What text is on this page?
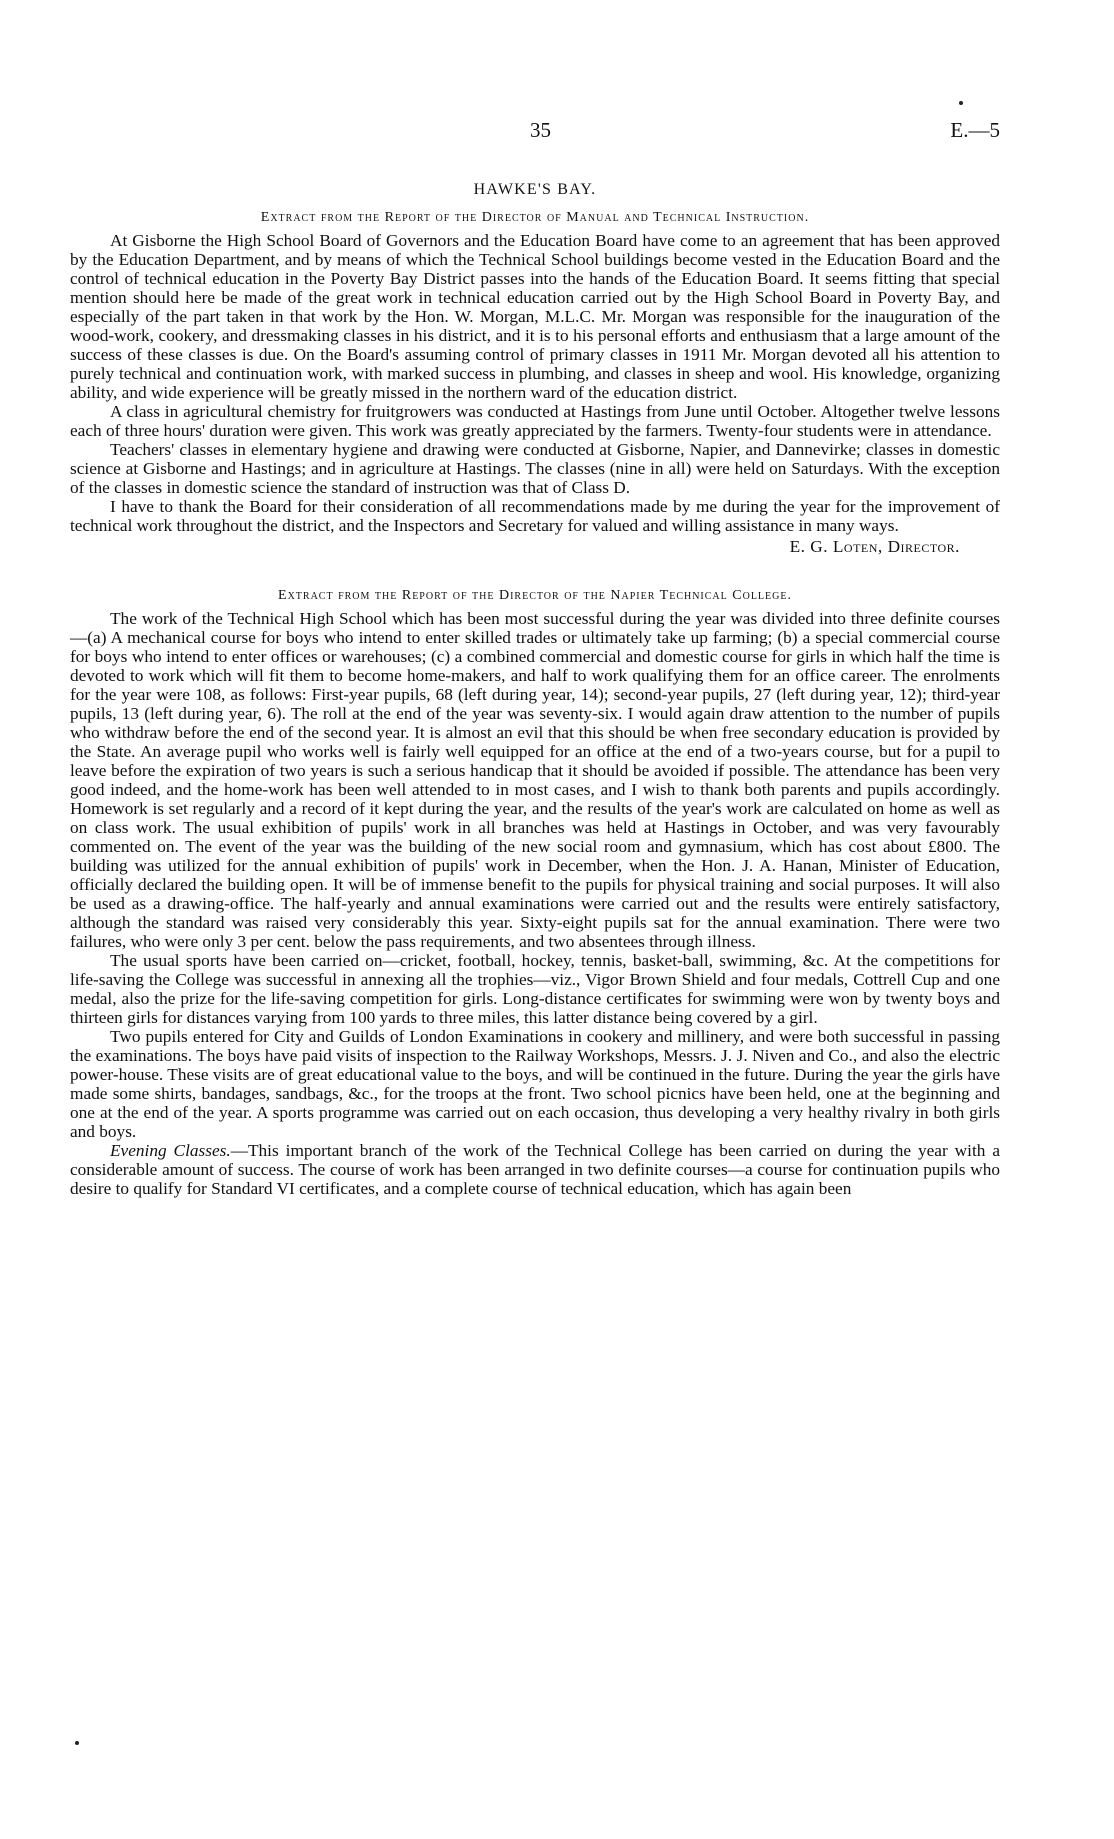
35	E.—5
HAWKE'S BAY.
Extract from the Report of the Director of Manual and Technical Instruction.

At Gisborne the High School Board of Governors and the Education Board have come to an agreement that has been approved by the Education Department, and by means of which the Technical School buildings become vested in the Education Board and the control of technical education in the Poverty Bay District passes into the hands of the Education Board. It seems fitting that special mention should here be made of the great work in technical education carried out by the High School Board in Poverty Bay, and especially of the part taken in that work by the Hon. W. Morgan, M.L.C. Mr. Morgan was responsible for the inauguration of the wood-work, cookery, and dressmaking classes in his district, and it is to his personal efforts and enthusiasm that a large amount of the success of these classes is due. On the Board's assuming control of primary classes in 1911 Mr. Morgan devoted all his attention to purely technical and continuation work, with marked success in plumbing, and classes in sheep and wool. His knowledge, organizing ability, and wide experience will be greatly missed in the northern ward of the education district.

A class in agricultural chemistry for fruitgrowers was conducted at Hastings from June until October. Altogether twelve lessons each of three hours' duration were given. This work was greatly appreciated by the farmers. Twenty-four students were in attendance.

Teachers' classes in elementary hygiene and drawing were conducted at Gisborne, Napier, and Dannevirke; classes in domestic science at Gisborne and Hastings; and in agriculture at Hastings. The classes (nine in all) were held on Saturdays. With the exception of the classes in domestic science the standard of instruction was that of Class D.

I have to thank the Board for their consideration of all recommendations made by me during the year for the improvement of technical work throughout the district, and the Inspectors and Secretary for valued and willing assistance in many ways.

E. G. Loten, Director.
Extract from the Report of the Director of the Napier Technical College.

The work of the Technical High School which has been most successful during the year was divided into three definite courses—(a) A mechanical course for boys who intend to enter skilled trades or ultimately take up farming; (b) a special commercial course for boys who intend to enter offices or warehouses; (c) a combined commercial and domestic course for girls in which half the time is devoted to work which will fit them to become home-makers, and half to work qualifying them for an office career. The enrolments for the year were 108, as follows: First-year pupils, 68 (left during year, 14); second-year pupils, 27 (left during year, 12); third-year pupils, 13 (left during year, 6). The roll at the end of the year was seventy-six. I would again draw attention to the number of pupils who withdraw before the end of the second year. It is almost an evil that this should be when free secondary education is provided by the State. An average pupil who works well is fairly well equipped for an office at the end of a two-years course, but for a pupil to leave before the expiration of two years is such a serious handicap that it should be avoided if possible. The attendance has been very good indeed, and the home-work has been well attended to in most cases, and I wish to thank both parents and pupils accordingly. Homework is set regularly and a record of it kept during the year, and the results of the year's work are calculated on home as well as on class work. The usual exhibition of pupils' work in all branches was held at Hastings in October, and was very favourably commented on. The event of the year was the building of the new social room and gymnasium, which has cost about £800. The building was utilized for the annual exhibition of pupils' work in December, when the Hon. J. A. Hanan, Minister of Education, officially declared the building open. It will be of immense benefit to the pupils for physical training and social purposes. It will also be used as a drawing-office. The half-yearly and annual examinations were carried out and the results were entirely satisfactory, although the standard was raised very considerably this year. Sixty-eight pupils sat for the annual examination. There were two failures, who were only 3 per cent. below the pass requirements, and two absentees through illness.

The usual sports have been carried on—cricket, football, hockey, tennis, basket-ball, swimming, &c. At the competitions for life-saving the College was successful in annexing all the trophies—viz., Vigor Brown Shield and four medals, Cottrell Cup and one medal, also the prize for the life-saving competition for girls. Long-distance certificates for swimming were won by twenty boys and thirteen girls for distances varying from 100 yards to three miles, this latter distance being covered by a girl.

Two pupils entered for City and Guilds of London Examinations in cookery and millinery, and were both successful in passing the examinations. The boys have paid visits of inspection to the Railway Workshops, Messrs. J. J. Niven and Co., and also the electric power-house. These visits are of great educational value to the boys, and will be continued in the future. During the year the girls have made some shirts, bandages, sandbags, &c., for the troops at the front. Two school picnics have been held, one at the beginning and one at the end of the year. A sports programme was carried out on each occasion, thus developing a very healthy rivalry in both girls and boys.

Evening Classes.—This important branch of the work of the Technical College has been carried on during the year with a considerable amount of success. The course of work has been arranged in two definite courses—a course for continuation pupils who desire to qualify for Standard VI certificates, and a complete course of technical education, which has again been
